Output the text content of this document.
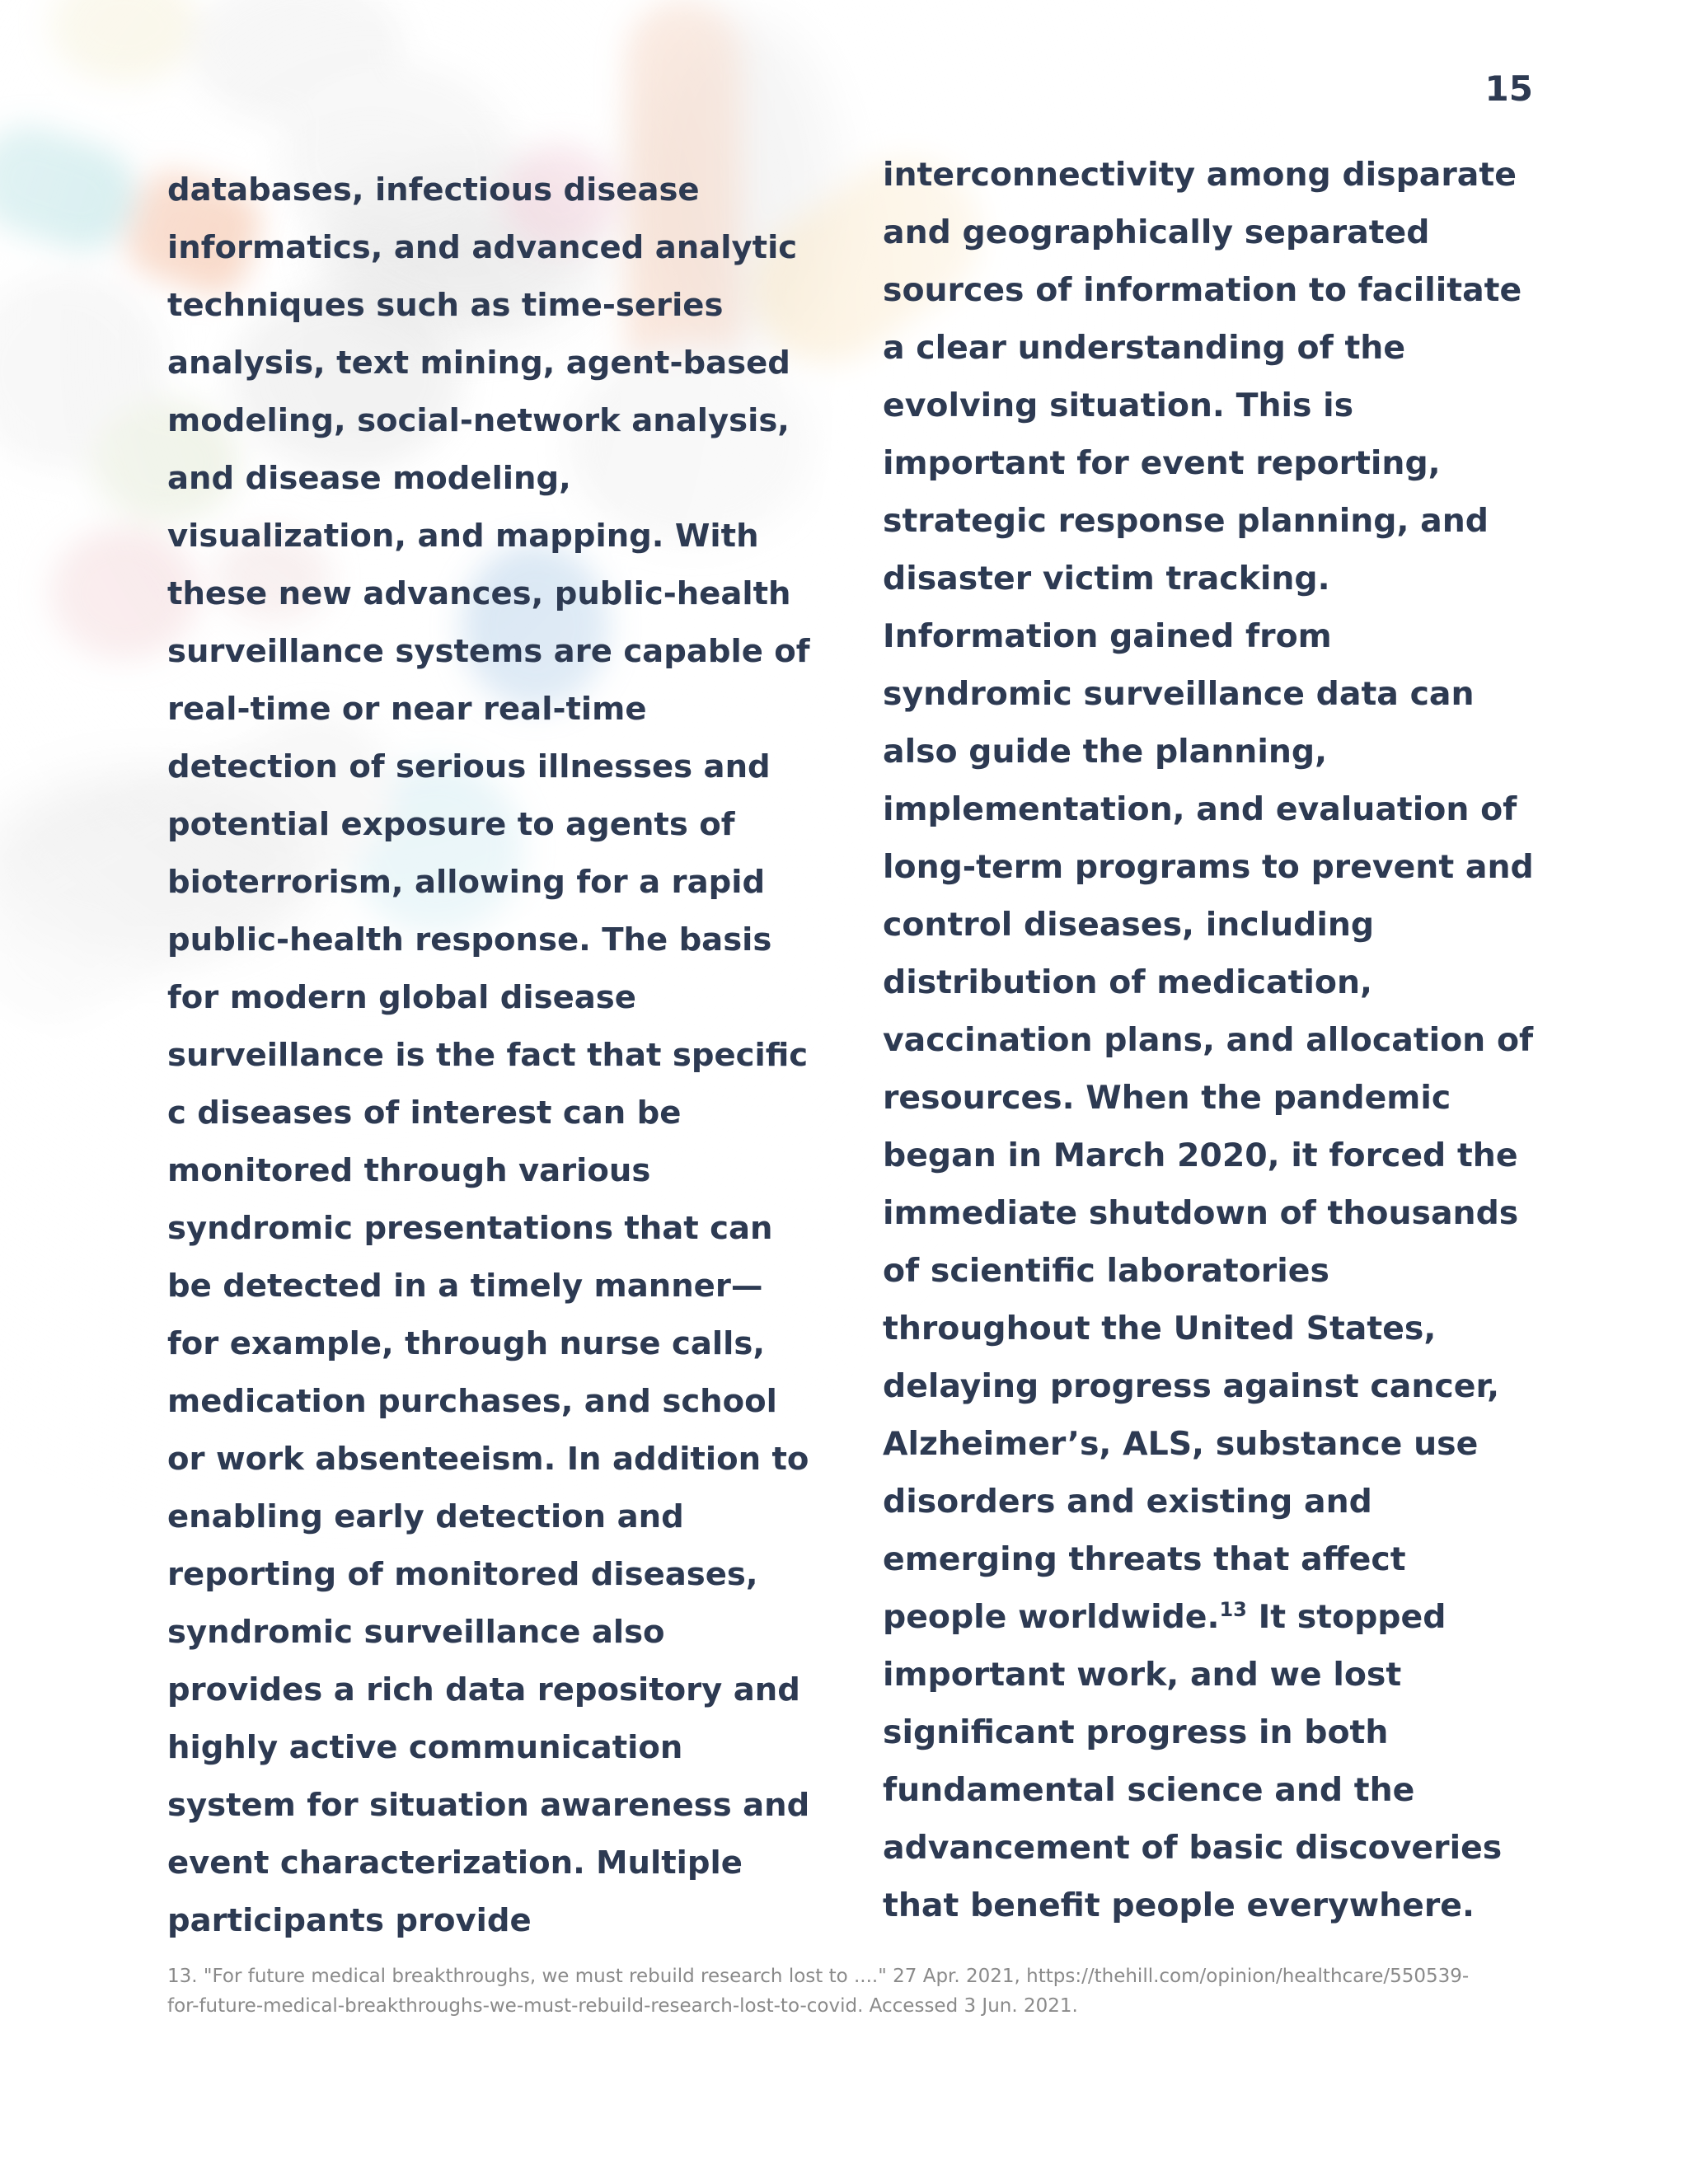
15
databases, infectious disease
informatics, and advanced analytic
techniques such as time-series
analysis, text mining, agent-based
modeling, social-network analysis,
and disease modeling,
visualization, and mapping. With
these new advances, public-health
surveillance systems are capable of
real-time or near real-time
detection of serious illnesses and
potential exposure to agents of
bioterrorism, allowing for a rapid
public-health response. The basis
for modern global disease
surveillance is the fact that specific
c diseases of interest can be
monitored through various
syndromic presentations that can
be detected in a timely manner—
for example, through nurse calls,
medication purchases, and school
or work absenteeism. In addition to
enabling early detection and
reporting of monitored diseases,
syndromic surveillance also
provides a rich data repository and
highly active communication
system for situation awareness and
event characterization. Multiple
participants provide
interconnectivity among disparate
and geographically separated
sources of information to facilitate
a clear understanding of the
evolving situation. This is
important for event reporting,
strategic response planning, and
disaster victim tracking.
Information gained from
syndromic surveillance data can
also guide the planning,
implementation, and evaluation of
long-term programs to prevent and
control diseases, including
distribution of medication,
vaccination plans, and allocation of
resources. When the pandemic
began in March 2020, it forced the
immediate shutdown of thousands
of scientific laboratories
throughout the United States,
delaying progress against cancer,
Alzheimer’s, ALS, substance use
disorders and existing and
emerging threats that affect
people worldwide.$^{13}$ It stopped
important work, and we lost
significant progress in both
fundamental science and the
advancement of basic discoveries
that benefit people everywhere.
13. "For future medical breakthroughs, we must rebuild research lost to ...." 27 Apr. 2021, https://thehill.com/opinion/healthcare/550539-
for-future-medical-breakthroughs-we-must-rebuild-research-lost-to-covid. Accessed 3 Jun. 2021.
